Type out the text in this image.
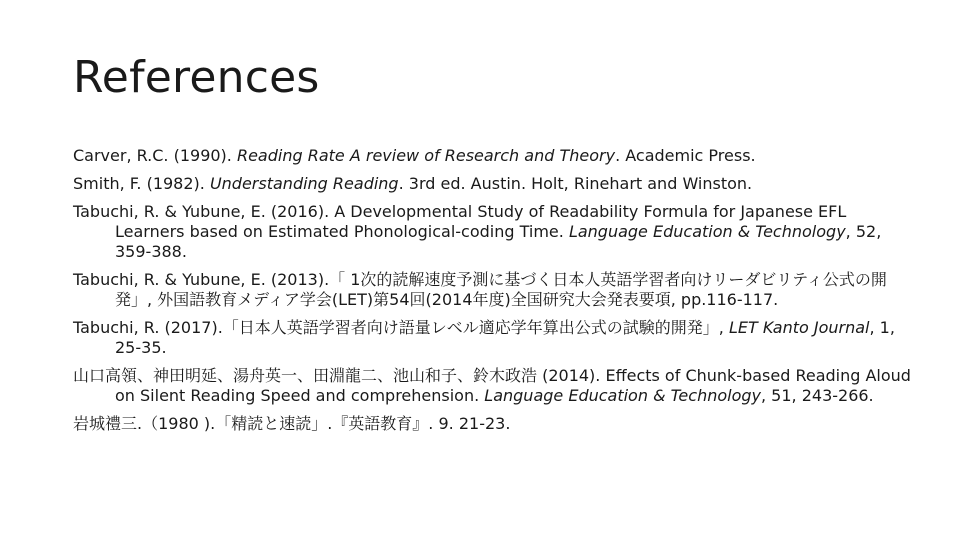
References

Carver, R.C. (1990). Reading Rate A review of Research and Theory. Academic Press.

Smith, F. (1982). Understanding Reading. 3rd ed. Austin. Holt, Rinehart and Winston.

Tabuchi, R. & Yubune, E. (2016). A Developmental Study of Readability Formula for Japanese EFL Learners based on Estimated Phonological-coding Time. Language Education & Technology, 52, 359-388.

Tabuchi, R. & Yubune, E. (2013).「 1次的読解速度予測に基づく日本人英語学習者向けリーダビリティ公式の開発」, 外国語教育メディア学会(LET)第54回(2014年度)全国研究大会発表要項, pp.116-117.

Tabuchi, R. (2017).「日本人英語学習者向け語量レベル適応学年算出公式の試験的開発」, LET Kanto Journal, 1, 25-35.

山口高領、神田明延、湯舟英一、田淵龍二、池山和子、鈴木政浩 (2014). Effects of Chunk-based Reading Aloud on Silent Reading Speed and comprehension. Language Education & Technology, 51, 243-266.

岩城禮三.（1980 ).「精読と速読」.『英語教育』. 9. 21-23.
